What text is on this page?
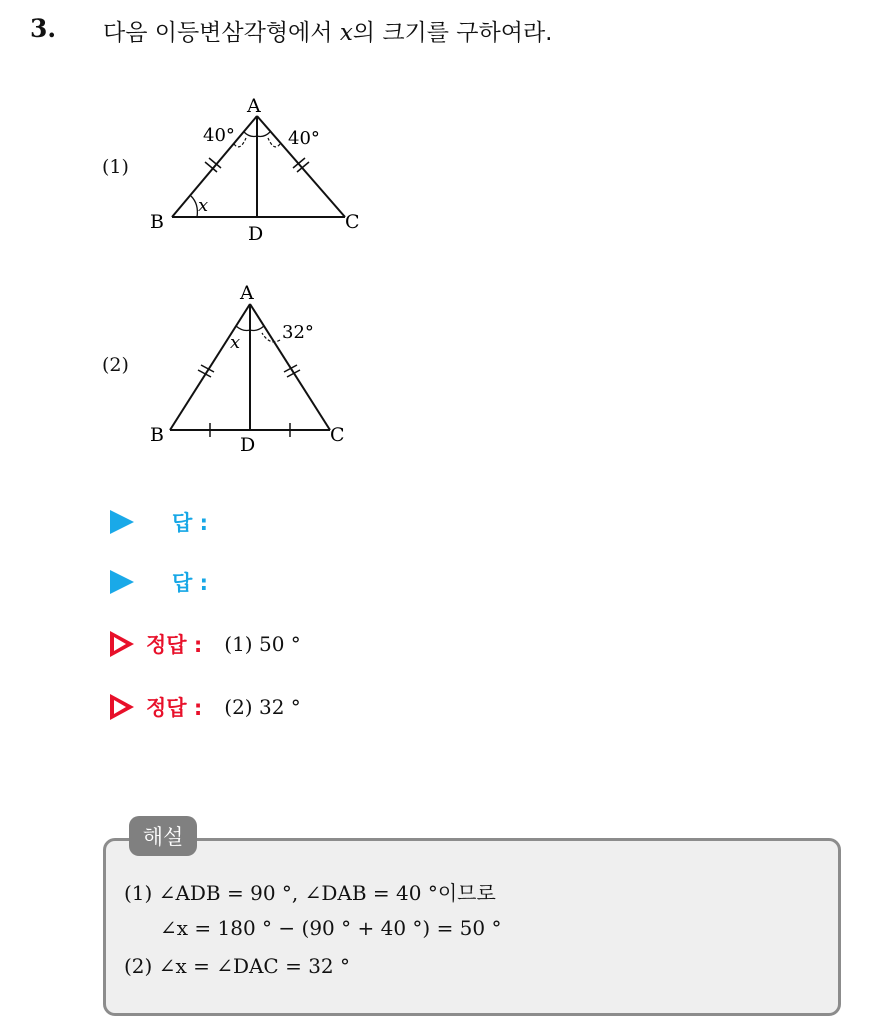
3. 다음 이등변삼각형에서 x의 크기를 구하여라.
(1)
A
B	C
D
40°	40°
x
(2)
A
B	C
D
32°
x
답 :
답 :
정답 : (1) 50 °
정답 : (2) 32 °
해설
(1) ∠ADB = 90 °, ∠DAB = 40 °이므로
∠x = 180 ° − (90 ° + 40 °) = 50 °
(2) ∠x = ∠DAC = 32 °
